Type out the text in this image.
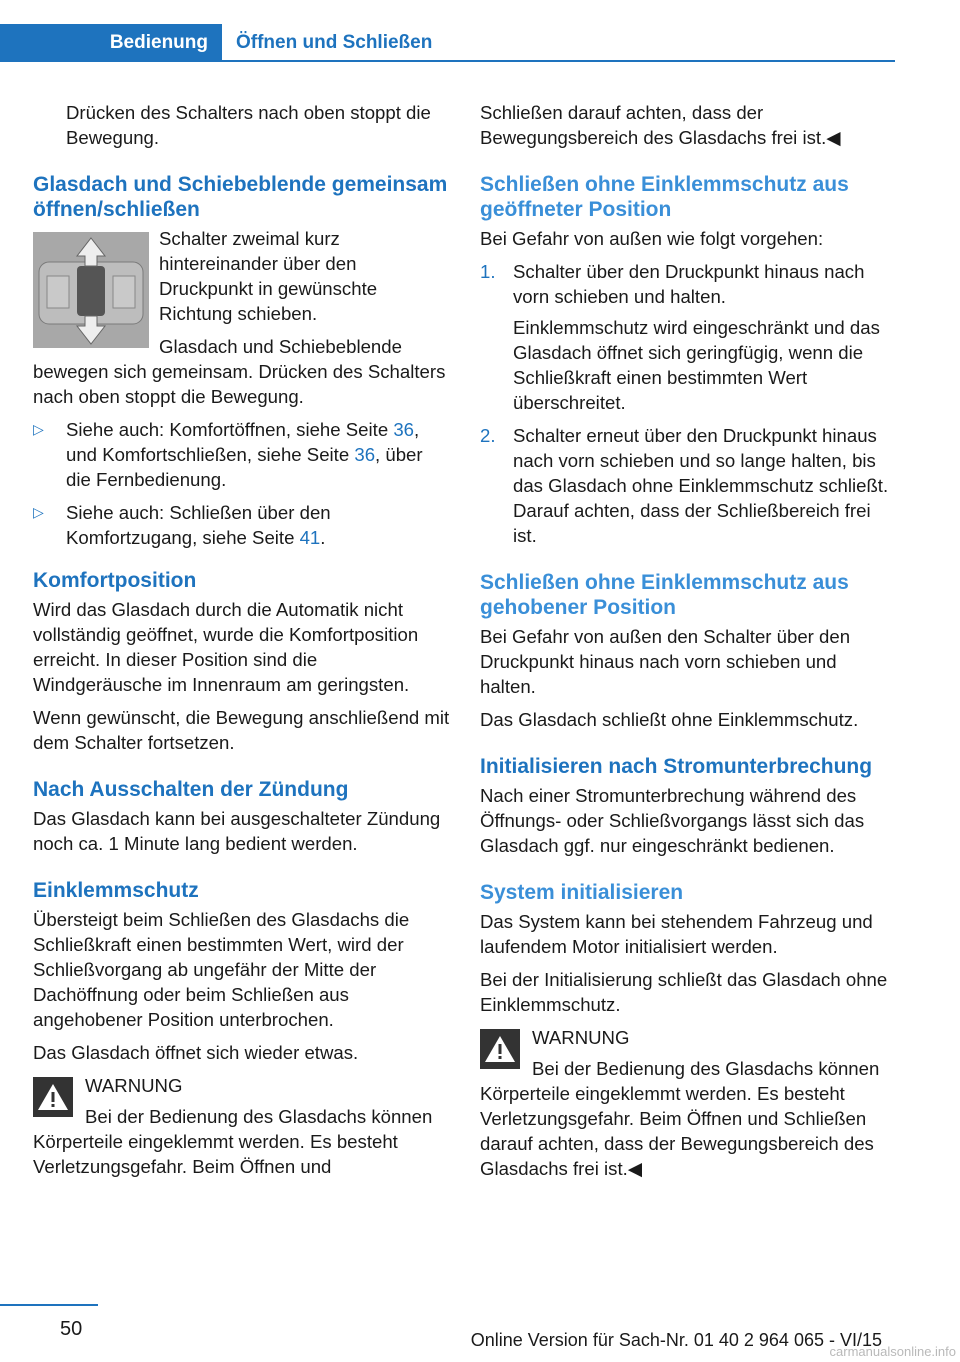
Bedienung	Öffnen und Schließen

Drücken des Schalters nach oben stoppt die Bewegung.

Glasdach und Schiebeblende gemeinsam öffnen/schließen

Schalter zweimal kurz hintereinander über den Druckpunkt in gewünschte Richtung schieben.

Glasdach und Schiebeblende bewegen sich gemeinsam. Drücken des Schalters nach oben stoppt die Bewegung.

▷ Siehe auch: Komfortöffnen, siehe Seite 36, und Komfortschließen, siehe Seite 36, über die Fernbedienung.
▷ Siehe auch: Schließen über den Komfortzugang, siehe Seite 41.
Komfortposition

Wird das Glasdach durch die Automatik nicht vollständig geöffnet, wurde die Komfortposition erreicht. In dieser Position sind die Windgeräusche im Innenraum am geringsten.

Wenn gewünscht, die Bewegung anschließend mit dem Schalter fortsetzen.

Nach Ausschalten der Zündung

Das Glasdach kann bei ausgeschalteter Zündung noch ca. 1 Minute lang bedient werden.

Einklemmschutz

Übersteigt beim Schließen des Glasdachs die Schließkraft einen bestimmten Wert, wird der Schließvorgang ab ungefähr der Mitte der Dachöffnung oder beim Schließen aus angehobener Position unterbrochen.

Das Glasdach öffnet sich wieder etwas.

WARNUNG

Bei der Bedienung des Glasdachs können Körperteile eingeklemmt werden. Es besteht Verletzungsgefahr. Beim Öffnen und

Schließen darauf achten, dass der Bewegungsbereich des Glasdachs frei ist.◀

Schließen ohne Einklemmschutz aus geöffneter Position

Bei Gefahr von außen wie folgt vorgehen:

1. Schalter über den Druckpunkt hinaus nach vorn schieben und halten.

Einklemmschutz wird eingeschränkt und das Glasdach öffnet sich geringfügig, wenn die Schließkraft einen bestimmten Wert überschreitet.

2. Schalter erneut über den Druckpunkt hinaus nach vorn schieben und so lange halten, bis das Glasdach ohne Einklemmschutz schließt. Darauf achten, dass der Schließbereich frei ist.

Schließen ohne Einklemmschutz aus gehobener Position

Bei Gefahr von außen den Schalter über den Druckpunkt hinaus nach vorn schieben und halten.

Das Glasdach schließt ohne Einklemmschutz.

Initialisieren nach Stromunterbrechung

Nach einer Stromunterbrechung während des Öffnungs- oder Schließvorgangs lässt sich das Glasdach ggf. nur eingeschränkt bedienen.

System initialisieren

Das System kann bei stehendem Fahrzeug und laufendem Motor initialisiert werden.

Bei der Initialisierung schließt das Glasdach ohne Einklemmschutz.

WARNUNG

Bei der Bedienung des Glasdachs können Körperteile eingeklemmt werden. Es besteht Verletzungsgefahr. Beim Öffnen und Schließen darauf achten, dass der Bewegungsbereich des Glasdachs frei ist.◀

50	Online Version für Sach-Nr. 01 40 2 964 065 - VI/15
carmanualsonline.info
